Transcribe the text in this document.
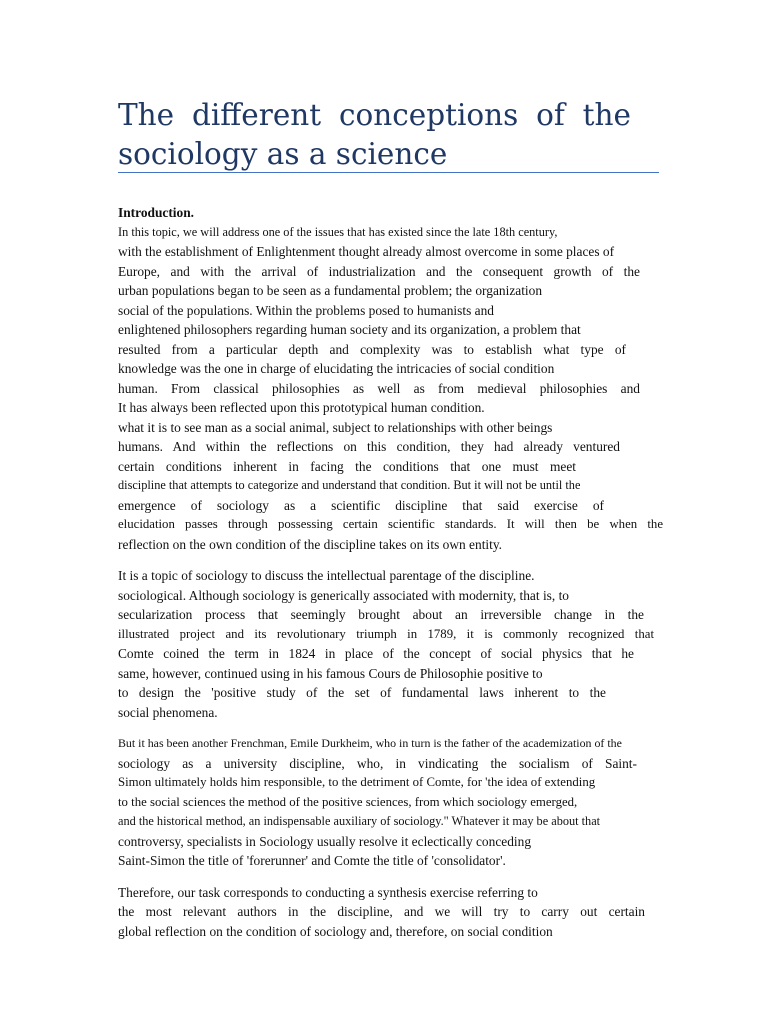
The different conceptions of the
sociology as a science
Introduction.
In this topic, we will address one of the issues that has existed since the late 18th century,
with the establishment of Enlightenment thought already almost overcome in some places of
Europe, and with the arrival of industrialization and the consequent growth of the
urban populations began to be seen as a fundamental problem; the organization
social of the populations. Within the problems posed to humanists and
enlightened philosophers regarding human society and its organization, a problem that
resulted from a particular depth and complexity was to establish what type of
knowledge was the one in charge of elucidating the intricacies of social condition
human. From classical philosophies as well as from medieval philosophies and
It has always been reflected upon this prototypical human condition.
what it is to see man as a social animal, subject to relationships with other beings
humans. And within the reflections on this condition, they had already ventured
certain conditions inherent in facing the conditions that one must meet
discipline that attempts to categorize and understand that condition. But it will not be until the
emergence of sociology as a scientific discipline that said exercise of
elucidation passes through possessing certain scientific standards. It will then be when the
reflection on the own condition of the discipline takes on its own entity.
It is a topic of sociology to discuss the intellectual parentage of the discipline.
sociological. Although sociology is generically associated with modernity, that is, to
secularization process that seemingly brought about an irreversible change in the
illustrated project and its revolutionary triumph in 1789, it is commonly recognized that
Comte coined the term in 1824 in place of the concept of social physics that he
same, however, continued using in his famous Cours de Philosophie positive to
to design the 'positive study of the set of fundamental laws inherent to the
social phenomena.
But it has been another Frenchman, Emile Durkheim, who in turn is the father of the academization of the
sociology as a university discipline, who, in vindicating the socialism of Saint-
Simon ultimately holds him responsible, to the detriment of Comte, for 'the idea of extending
to the social sciences the method of the positive sciences, from which sociology emerged,
and the historical method, an indispensable auxiliary of sociology." Whatever it may be about that
controversy, specialists in Sociology usually resolve it eclectically conceding
Saint-Simon the title of 'forerunner' and Comte the title of 'consolidator'.
Therefore, our task corresponds to conducting a synthesis exercise referring to
the most relevant authors in the discipline, and we will try to carry out certain
global reflection on the condition of sociology and, therefore, on social condition
